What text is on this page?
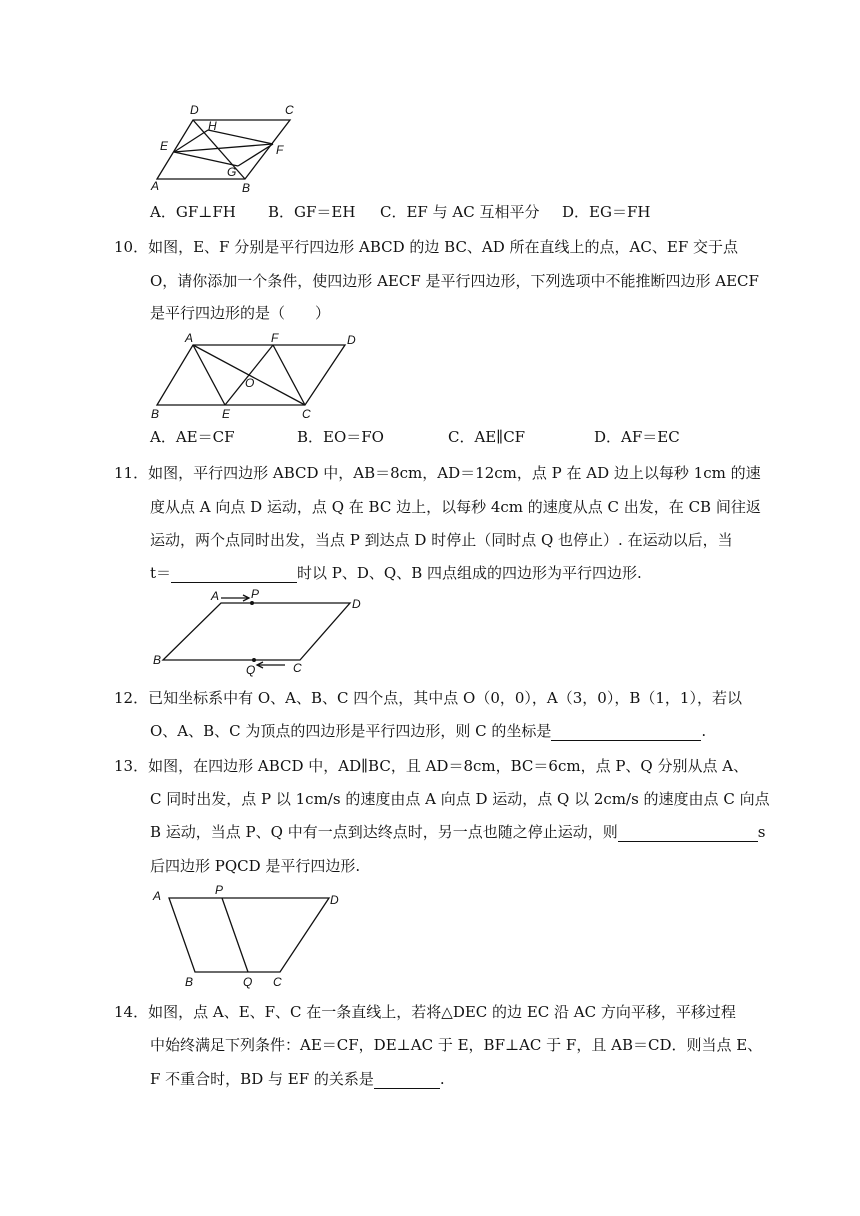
D	C
H
E	F
G
A	B
A．GF⊥FH B．GF＝EH C．EF 与 AC 互相平分 D．EG＝FH
10．如图，E、F 分别是平行四边形 ABCD 的边 BC、AD 所在直线上的点，AC、EF 交于点
O，请你添加一个条件，使四边形 AECF 是平行四边形，下列选项中不能推断四边形 AECF
是平行四边形的是（　　）
A	F	D
O
B	E	C
A．AE＝CF	B．EO＝FO	C．AE∥CF	D．AF＝EC
11．如图，平行四边形 ABCD 中，AB＝8cm，AD＝12cm，点 P 在 AD 边上以每秒 1cm 的速
度从点 A 向点 D 运动，点 Q 在 BC 边上，以每秒 4cm 的速度从点 C 出发，在 CB 间往返
运动，两个点同时出发，当点 P 到达点 D 时停止（同时点 Q 也停止）. 在运动以后，当
t＝	时以 P、D、Q、B 四点组成的四边形为平行四边形.
A	P
D
B
Q	C
12．已知坐标系中有 O、A、B、C 四个点，其中点 O（0，0），A（3，0），B（1，1），若以
O、A、B、C 为顶点的四边形是平行四边形，则 C 的坐标是	.
13．如图，在四边形 ABCD 中，AD∥BC，且 AD＝8cm，BC＝6cm，点 P、Q 分别从点 A、
C 同时出发，点 P 以 1cm/s 的速度由点 A 向点 D 运动，点 Q 以 2cm/s 的速度由点 C 向点
B 运动，当点 P、Q 中有一点到达终点时，另一点也随之停止运动，则	s
后四边形 PQCD 是平行四边形.
A	P
D
B	Q C
14．如图，点 A、E、F、C 在一条直线上，若将△DEC 的边 EC 沿 AC 方向平移，平移过程
中始终满足下列条件：AE＝CF，DE⊥AC 于 E，BF⊥AC 于 F，且 AB＝CD．则当点 E、
F 不重合时，BD 与 EF 的关系是	.
